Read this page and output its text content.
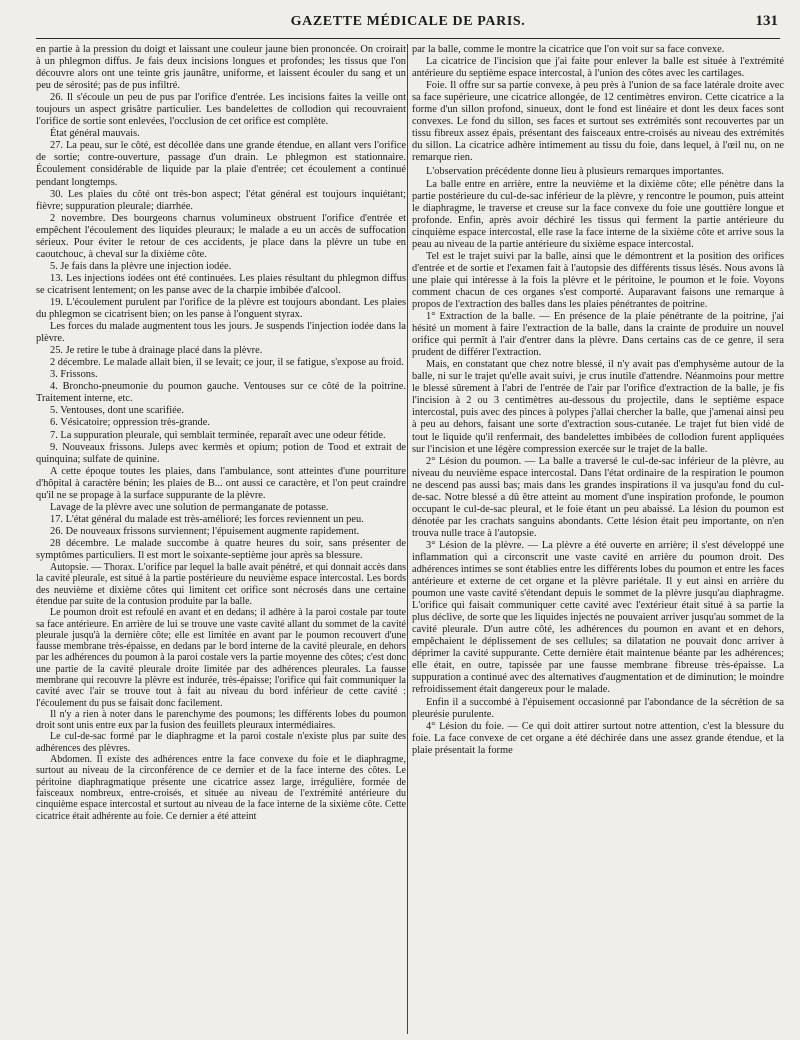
GAZETTE MÉDICALE DE PARIS.	131

en partie à la pression du doigt et laissant une couleur jaune bien prononcée. On croirait à un phlegmon diffus. Je fais deux incisions longues et profondes; les tissus que l'on découvre alors ont une teinte gris jaunâtre, uniforme, et laissent écouler du sang et un peu de sérosité; pas de pus infiltré.

26. Il s'écoule un peu de pus par l'orifice d'entrée. Les incisions faites la veille ont toujours un aspect grisâtre particulier. Les bandelettes de collodion qui recouvraient l'orifice de sortie sont enlevées, l'occlusion de cet orifice est complète.

État général mauvais.

27. La peau, sur le côté, est décollée dans une grande étendue, en allant vers l'orifice de sortie; contre-ouverture, passage d'un drain. Le phlegmon est stationnaire. Écoulement considérable de liquide par la plaie d'entrée; cet écoulement a continué pendant longtemps.

30. Les plaies du côté ont très-bon aspect; l'état général est toujours inquiétant; fièvre; suppuration pleurale; diarrhée.

2 novembre. Des bourgeons charnus volumineux obstruent l'orifice d'entrée et empêchent l'écoulement des liquides pleuraux; le malade a eu un accès de suffocation sérieux. Pour éviter le retour de ces accidents, je place dans la plèvre un tube en caoutchouc, à cheval sur la dixième côte.

5. Je fais dans la plèvre une injection iodée.

13. Les injections iodées ont été continuées. Les plaies résultant du phlegmon diffus se cicatrisent lentement; on les panse avec de la charpie imbibée d'alcool.

19. L'écoulement purulent par l'orifice de la plèvre est toujours abondant. Les plaies du phlegmon se cicatrisent bien; on les panse à l'onguent styrax.

Les forces du malade augmentent tous les jours. Je suspends l'injection iodée dans la plèvre.

25. Je retire le tube à drainage placé dans la plèvre.

2 décembre. Le malade allait bien, il se levait; ce jour, il se fatigue, s'expose au froid.

3. Frissons.

4. Broncho-pneumonie du poumon gauche. Ventouses sur ce côté de la poitrine. Traitement interne, etc.

5. Ventouses, dont une scarifiée.

6. Vésicatoire; oppression très-grande.

7. La suppuration pleurale, qui semblait terminée, reparaît avec une odeur fétide.

9. Nouveaux frissons. Juleps avec kermès et opium; potion de Tood et extrait de quinquina; sulfate de quinine.

A cette époque toutes les plaies, dans l'ambulance, sont atteintes d'une pourriture d'hôpital à caractère bénin; les plaies de B... ont aussi ce caractère, et l'on peut craindre qu'il ne se propage à la surface suppurante de la plèvre.

Lavage de la plèvre avec une solution de permanganate de potasse.

17. L'état général du malade est très-amélioré; les forces reviennent un peu.

26. De nouveaux frissons surviennent; l'épuisement augmente rapidement.

28 décembre. Le malade succombe à quatre heures du soir, sans présenter de symptômes particuliers. Il est mort le soixante-septième jour après sa blessure.

Autopsie. — Thorax. L'orifice par lequel la balle avait pénétré, et qui donnait accès dans la cavité pleurale, est situé à la partie postérieure du neuvième espace intercostal. Les bords des neuvième et dixième côtes qui limitent cet orifice sont nécrosés dans une certaine étendue par suite de la contusion produite par la balle.

Le poumon droit est refoulé en avant et en dedans; il adhère à la paroi costale par toute sa face antérieure. En arrière de lui se trouve une vaste cavité allant du sommet de la cavité pleurale jusqu'à la dernière côte; elle est limitée en avant par le poumon recouvert d'une fausse membrane très-épaisse, en dedans par le bord interne de la cavité pleurale, en dehors par les adhérences du poumon à la paroi costale vers la partie moyenne des côtes; c'est donc une partie de la cavité pleurale droite limitée par des adhérences pleurales. La fausse membrane qui recouvre la plèvre est indurée, très-épaisse; l'orifice qui fait communiquer la cavité avec l'air se trouve tout à fait au niveau du bord inférieur de cette cavité : l'écoulement du pus se faisait donc facilement.

Il n'y a rien à noter dans le parenchyme des poumons; les différents lobes du poumon droit sont unis entre eux par la fusion des feuillets pleuraux intermédiaires.

Le cul-de-sac formé par le diaphragme et la paroi costale n'existe plus par suite des adhérences des plèvres.

Abdomen. Il existe des adhérences entre la face convexe du foie et le diaphragme, surtout au niveau de la circonférence de ce dernier et de la face interne des côtes. Le péritoine diaphragmatique présente une cicatrice assez large, irrégulière, formée de faisceaux nombreux, entre-croisés, et située au niveau de l'extrémité antérieure du cinquième espace intercostal et surtout au niveau de la face interne de la sixième côte. Cette cicatrice était adhérente au foie. Ce dernier a été atteint

par la balle, comme le montre la cicatrice que l'on voit sur sa face convexe.

La cicatrice de l'incision que j'ai faite pour enlever la balle est située à l'extrémité antérieure du septième espace intercostal, à l'union des côtes avec les cartilages.

Foie. Il offre sur sa partie convexe, à peu près à l'union de sa face latérale droite avec sa face supérieure, une cicatrice allongée, de 12 centimètres environ. Cette cicatrice a la forme d'un sillon profond, sinueux, dont le fond est linéaire et dont les deux faces sont convexes. Le fond du sillon, ses faces et surtout ses extrémités sont recouvertes par un tissu fibreux assez épais, présentant des faisceaux entre-croisés au niveau des extrémités du sillon. La cicatrice adhère intimement au tissu du foie, dans lequel, à l'œil nu, on ne remarque rien.

L'observation précédente donne lieu à plusieurs remarques importantes.

La balle entre en arrière, entre la neuvième et la dixième côte; elle pénètre dans la partie postérieure du cul-de-sac inférieur de la plèvre, y rencontre le poumon, puis atteint le diaphragme, le traverse et creuse sur la face convexe du foie une gouttière longue et profonde. Enfin, après avoir déchiré les tissus qui ferment la partie antérieure du cinquième espace intercostal, elle rase la face interne de la sixième côte et arrive sous la peau au niveau de la partie antérieure du sixième espace intercostal.

Tel est le trajet suivi par la balle, ainsi que le démontrent et la position des orifices d'entrée et de sortie et l'examen fait à l'autopsie des différents tissus lésés. Nous avons là une plaie qui intéresse à la fois la plèvre et le péritoine, le poumon et le foie. Voyons comment chacun de ces organes s'est comporté. Auparavant faisons une remarque à propos de l'extraction des balles dans les plaies pénétrantes de poitrine.

1° Extraction de la balle. — En présence de la plaie pénétrante de la poitrine, j'ai hésité un moment à faire l'extraction de la balle, dans la crainte de produire un nouvel orifice qui permît à l'air d'entrer dans la plèvre. Dans certains cas de ce genre, il sera prudent de différer l'extraction.

Mais, en constatant que chez notre blessé, il n'y avait pas d'emphysème autour de la balle, ni sur le trajet qu'elle avait suivi, je crus inutile d'attendre. Néanmoins pour mettre le blessé sûrement à l'abri de l'entrée de l'air par l'orifice d'extraction de la balle, je fis l'incision à 2 ou 3 centimètres au-dessous du projectile, dans le septième espace intercostal, puis avec des pinces à polypes j'allai chercher la balle, que j'amenai ainsi peu à peu au dehors, faisant une sorte d'extraction sous-cutanée. Le trajet fut bien vidé de tout le liquide qu'il renfermait, des bandelettes imbibées de collodion furent appliquées sur l'incision et une légère compression exercée sur le trajet de la balle.

2° Lésion du poumon. — La balle a traversé le cul-de-sac inférieur de la plèvre, au niveau du neuvième espace intercostal. Dans l'état ordinaire de la respiration le poumon ne descend pas aussi bas; mais dans les grandes inspirations il va jusqu'au fond du cul-de-sac. Notre blessé a dû être atteint au moment d'une inspiration profonde, le poumon occupant le cul-de-sac pleural, et le foie étant un peu abaissé. La lésion du poumon est dénotée par les crachats sanguins abondants. Cette lésion était peu importante, on n'en trouva nulle trace à l'autopsie.

3° Lésion de la plèvre. — La plèvre a été ouverte en arrière; il s'est développé une inflammation qui a circonscrit une vaste cavité en arrière du poumon droit. Des adhérences intimes se sont établies entre les différents lobes du poumon et entre les faces antérieure et externe de cet organe et la plèvre pariétale. Il y eut ainsi en arrière du poumon une vaste cavité s'étendant depuis le sommet de la plèvre jusqu'au diaphragme. L'orifice qui faisait communiquer cette cavité avec l'extérieur était situé à sa partie la plus déclive, de sorte que les liquides injectés ne pouvaient arriver jusqu'au sommet de la cavité pleurale. D'un autre côté, les adhérences du poumon en avant et en dehors, empêchaient le déplissement de ses cellules; sa dilatation ne pouvait donc arriver à déprimer la cavité suppurante. Cette dernière était maintenue béante par les adhérences; elle était, en outre, tapissée par une fausse membrane fibreuse très-épaisse. La suppuration a continué avec des alternatives d'augmentation et de diminution; le moindre refroidissement était dangereux pour le malade.

Enfin il a succombé à l'épuisement occasionné par l'abondance de la sécrétion de sa pleurésie purulente.

4° Lésion du foie. — Ce qui doit attirer surtout notre attention, c'est la blessure du foie. La face convexe de cet organe a été déchirée dans une assez grande étendue, et la plaie présentait la forme
